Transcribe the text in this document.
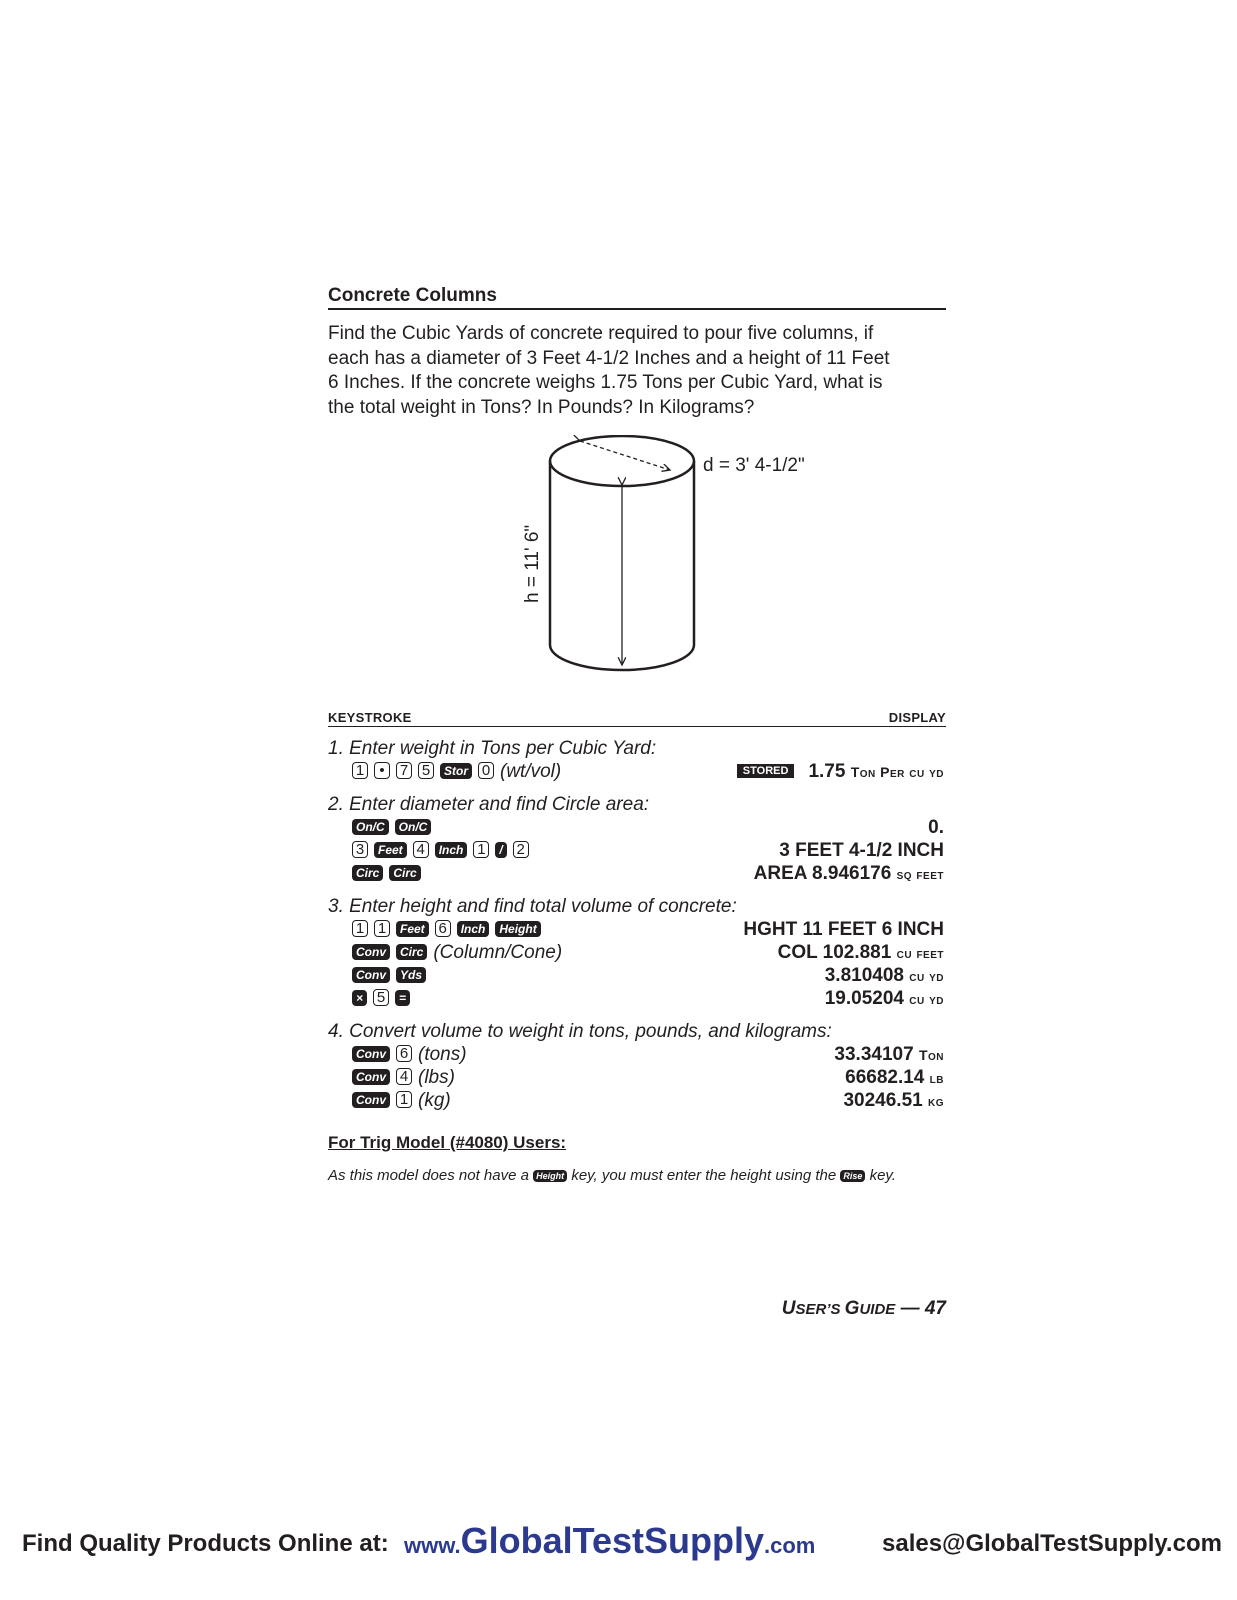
Concrete Columns
Find the Cubic Yards of concrete required to pour five columns, if
each has a diameter of 3 Feet 4-1/2 Inches and a height of 11 Feet
6 Inches. If the concrete weighs 1.75 Tons per Cubic Yard, what is
the total weight in Tons? In Pounds? In Kilograms?
d = 3' 4-1/2"
h = 11' 6"
KEYSTROKE	DISPLAY
1. Enter weight in Tons per Cubic Yard:
1 • 7 5 Stor 0 (wt/vol)	STORED 1.75 Ton Per cu yd
2. Enter diameter and find Circle area:
On/C On/C	0.
3 Feet 4 Inch 1 / 2	3 FEET 4-1/2 INCH
Circ Circ	AREA 8.946176 sq feet
3. Enter height and find total volume of concrete:
1 1 Feet 6 Inch Height	HGHT 11 FEET 6 INCH
Conv Circ (Column/Cone)	COL 102.881 cu feet
Conv Yds	3.810408 cu yd
× 5 =	19.05204 cu yd
4. Convert volume to weight in tons, pounds, and kilograms:
Conv 6 (tons)	33.34107 Ton
Conv 4 (lbs)	66682.14 lb
Conv 1 (kg)	30246.51 kg
For Trig Model (#4080) Users:
As this model does not have a Height key, you must enter the height using the Rise key.
USER’S GUIDE — 47
Find Quality Products Online at: www.GlobalTestSupply.com	sales@GlobalTestSupply.com
